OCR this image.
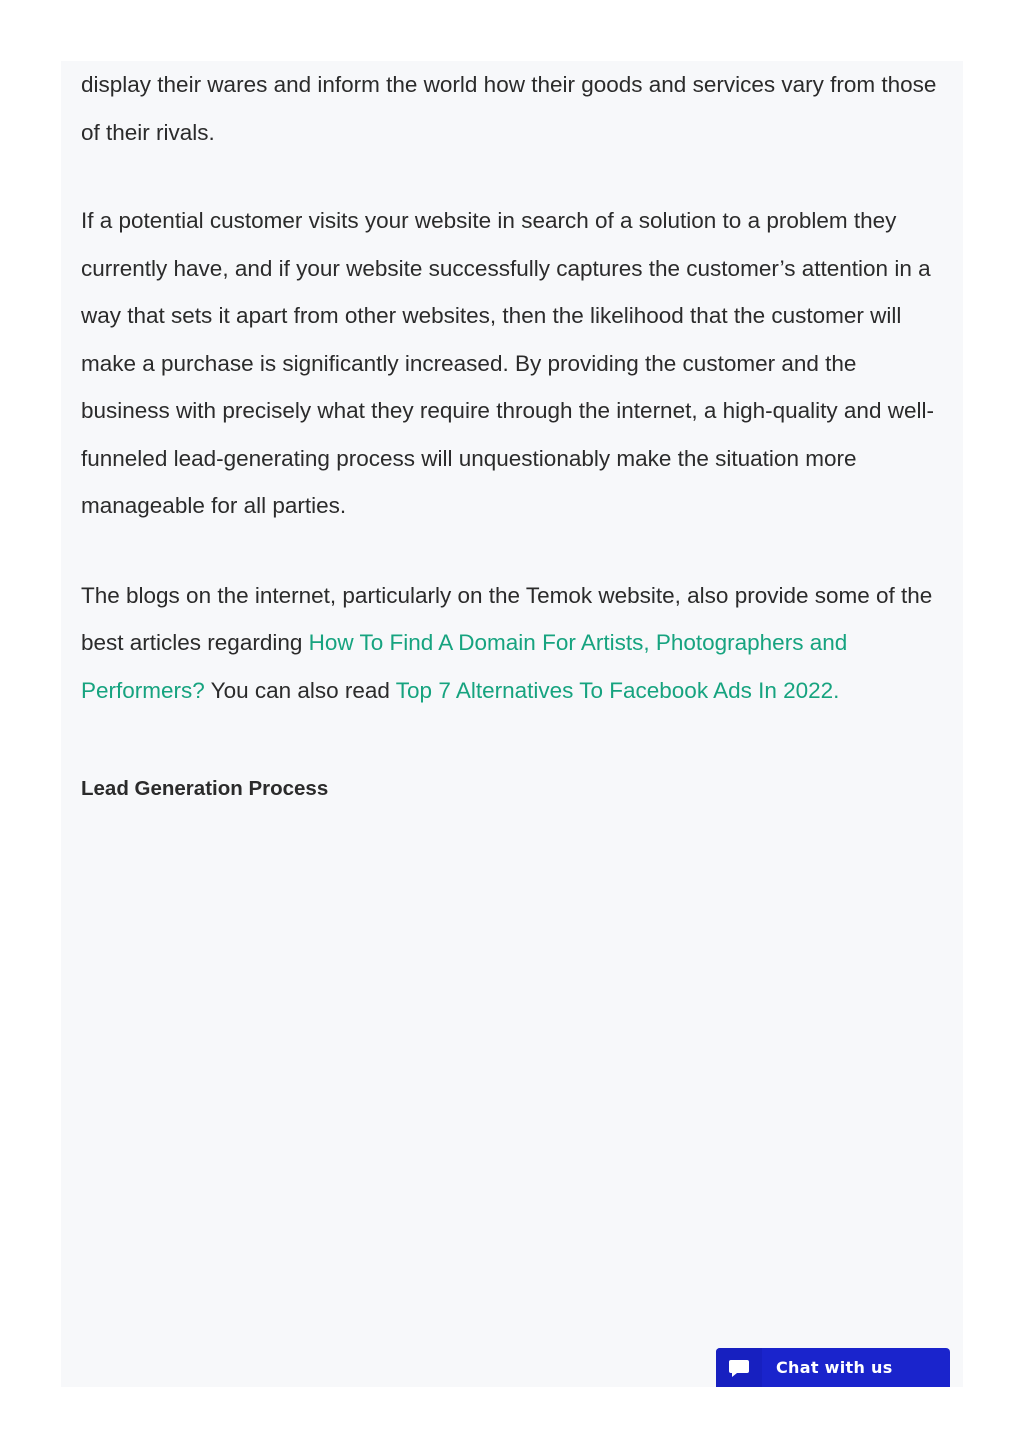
display their wares and inform the world how their goods and services vary from those of their rivals.

If a potential customer visits your website in search of a solution to a problem they currently have, and if your website successfully captures the customer’s attention in a way that sets it apart from other websites, then the likelihood that the customer will make a purchase is significantly increased. By providing the customer and the business with precisely what they require through the internet, a high-quality and well-funneled lead-generating process will unquestionably make the situation more manageable for all parties.

The blogs on the internet, particularly on the Temok website, also provide some of the best articles regarding How To Find A Domain For Artists, Photographers and Performers? You can also read Top 7 Alternatives To Facebook Ads In 2022.

Lead Generation Process
Chat with us
